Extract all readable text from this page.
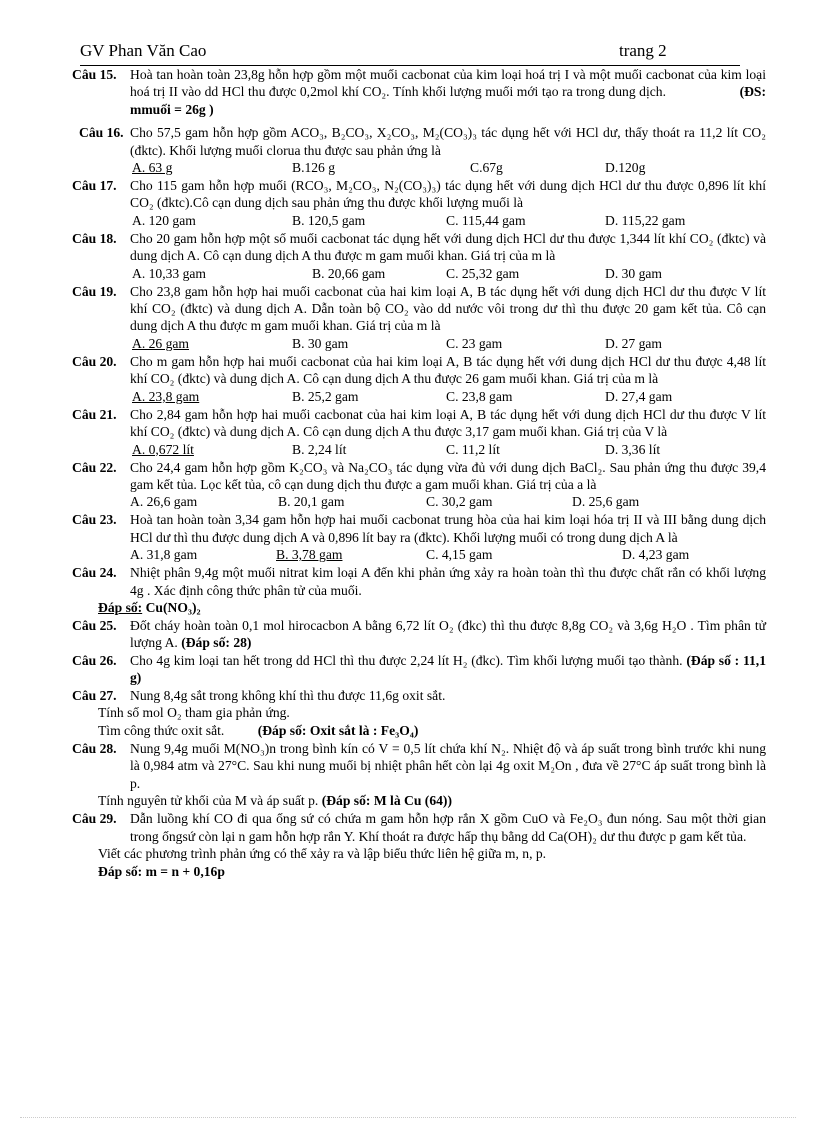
GV Phan Văn Cao	trang 2
Câu 15. Hoà tan hoàn toàn 23,8g hỗn hợp gồm một muối cacbonat của kim loại hoá trị I và một muối cacbonat của kim loại hoá trị II vào dd HCl thu được 0,2mol khí CO₂. Tính khối lượng muối mới tạo ra trong dung dịch.	(ĐS: mmuối = 26g )
Câu 16. Cho 57,5 gam hỗn hợp gồm ACO₃, B₂CO₃, X₂CO₃, M₂(CO₃)₃ tác dụng hết với HCl dư, thấy thoát ra 11,2 lít CO₂ (đktc). Khối lượng muối clorua thu được sau phản ứng là
A. 63 g	B.126 g	C.67g	D.120g
Câu 17. Cho 115 gam hỗn hợp muối (RCO₃, M₂CO₃, N₂(CO₃)₃) tác dụng hết với dung dịch HCl dư thu được 0,896 lít khí CO₂ (đktc).Cô cạn dung dịch sau phản ứng thu được khối lượng muối là
A. 120 gam	B. 120,5 gam	C. 115,44 gam	D. 115,22 gam
Câu 18. Cho 20 gam hỗn hợp một số muối cacbonat tác dụng hết với dung dịch HCl dư thu được 1,344 lít khí CO₂ (đktc) và dung dịch A. Cô cạn dung dịch A thu được m gam muối khan. Giá trị của m là
A. 10,33 gam	B. 20,66 gam	C. 25,32 gam	D. 30 gam
Câu 19. Cho 23,8 gam hỗn hợp hai muối cacbonat của hai kim loại A, B tác dụng hết với dung dịch HCl dư thu được V lít khí CO₂ (đktc) và dung dịch A. Dẫn toàn bộ CO₂ vào dd nước vôi trong dư thì thu được 20 gam kết tủa. Cô cạn dung dịch A thu được m gam muối khan. Giá trị của m là
A. 26 gam	B. 30 gam	C. 23 gam	D. 27 gam
Câu 20. Cho m gam hỗn hợp hai muối cacbonat của hai kim loại A, B tác dụng hết với dung dịch HCl dư thu được 4,48 lít khí CO₂ (đktc) và dung dịch A. Cô cạn dung dịch A thu được 26 gam muối khan. Giá trị của m là
A. 23,8 gam	B. 25,2 gam	C. 23,8 gam	D. 27,4 gam
Câu 21. Cho 2,84 gam hỗn hợp hai muối cacbonat của hai kim loại A, B tác dụng hết với dung dịch HCl dư thu được V lít khí CO₂ (đktc) và dung dịch A. Cô cạn dung dịch A thu được 3,17 gam muối khan. Giá trị của V là
A. 0,672 lít	B. 2,24 lít	C. 11,2 lít	D. 3,36 lít
Câu 22. Cho 24,4 gam hỗn hợp gồm K₂CO₃ và Na₂CO₃ tác dụng vừa đủ với dung dịch BaCl₂. Sau phản ứng thu được 39,4 gam kết tủa. Lọc kết tủa, cô cạn dung dịch thu được a gam muối khan. Giá trị của a là
A. 26,6 gam	B. 20,1 gam	C. 30,2 gam	D. 25,6 gam
Câu 23. Hoà tan hoàn toàn 3,34 gam hỗn hợp hai muối cacbonat trung hòa của hai kim loại hóa trị II và III bằng dung dịch HCl dư thì thu được dung dịch A và 0,896 lít bay ra (đktc). Khối lượng muối có trong dung dịch A là
A. 31,8 gam	B. 3,78 gam	C. 4,15 gam	D. 4,23 gam
Câu 24. Nhiệt phân 9,4g một muối nitrat kim loại A đến khi phản ứng xảy ra hoàn toàn thì thu được chất rắn có khối lượng 4g . Xác định công thức phân tử của muối.
Đáp số: Cu(NO₃)₂
Câu 25. Đốt cháy hoàn toàn 0,1 mol hirocacbon A bằng 6,72 lít O₂ (đkc) thì thu được 8,8g CO₂ và 3,6g H₂O . Tìm phân tử lượng A. (Đáp số: 28)
Câu 26. Cho 4g kim loại tan hết trong dd HCl thì thu được 2,24 lít H₂ (đkc). Tìm khối lượng muối tạo thành. (Đáp số : 11,1 g)
Câu 27. Nung 8,4g sắt trong không khí thì thu được 11,6g oxit sắt.
Tính số mol O₂ tham gia phản ứng.
Tìm công thức oxit sắt. (Đáp số: Oxit sắt là : Fe₃O₄)
Câu 28. Nung 9,4g muối M(NO₃)n trong bình kín có V = 0,5 lít chứa khí N₂. Nhiệt độ và áp suất trong bình trước khi nung là 0,984 atm và 27°C. Sau khi nung muối bị nhiệt phân hết còn lại 4g oxit M₂On , đưa về 27°C áp suất trong bình là p.
Tính nguyên tử khối của M và áp suất p. (Đáp số: M là Cu (64))
Câu 29. Dẫn luồng khí CO đi qua ống sứ có chứa m gam hỗn hợp rắn X gồm CuO và Fe₂O₃ đun nóng. Sau một thời gian trong ốngsứ còn lại n gam hỗn hợp rắn Y. Khí thoát ra được hấp thụ bằng dd Ca(OH)₂ dư thu được p gam kết tủa.
Viết các phương trình phản ứng có thể xảy ra và lập biểu thức liên hệ giữa m, n, p.
Đáp số: m = n + 0,16p
